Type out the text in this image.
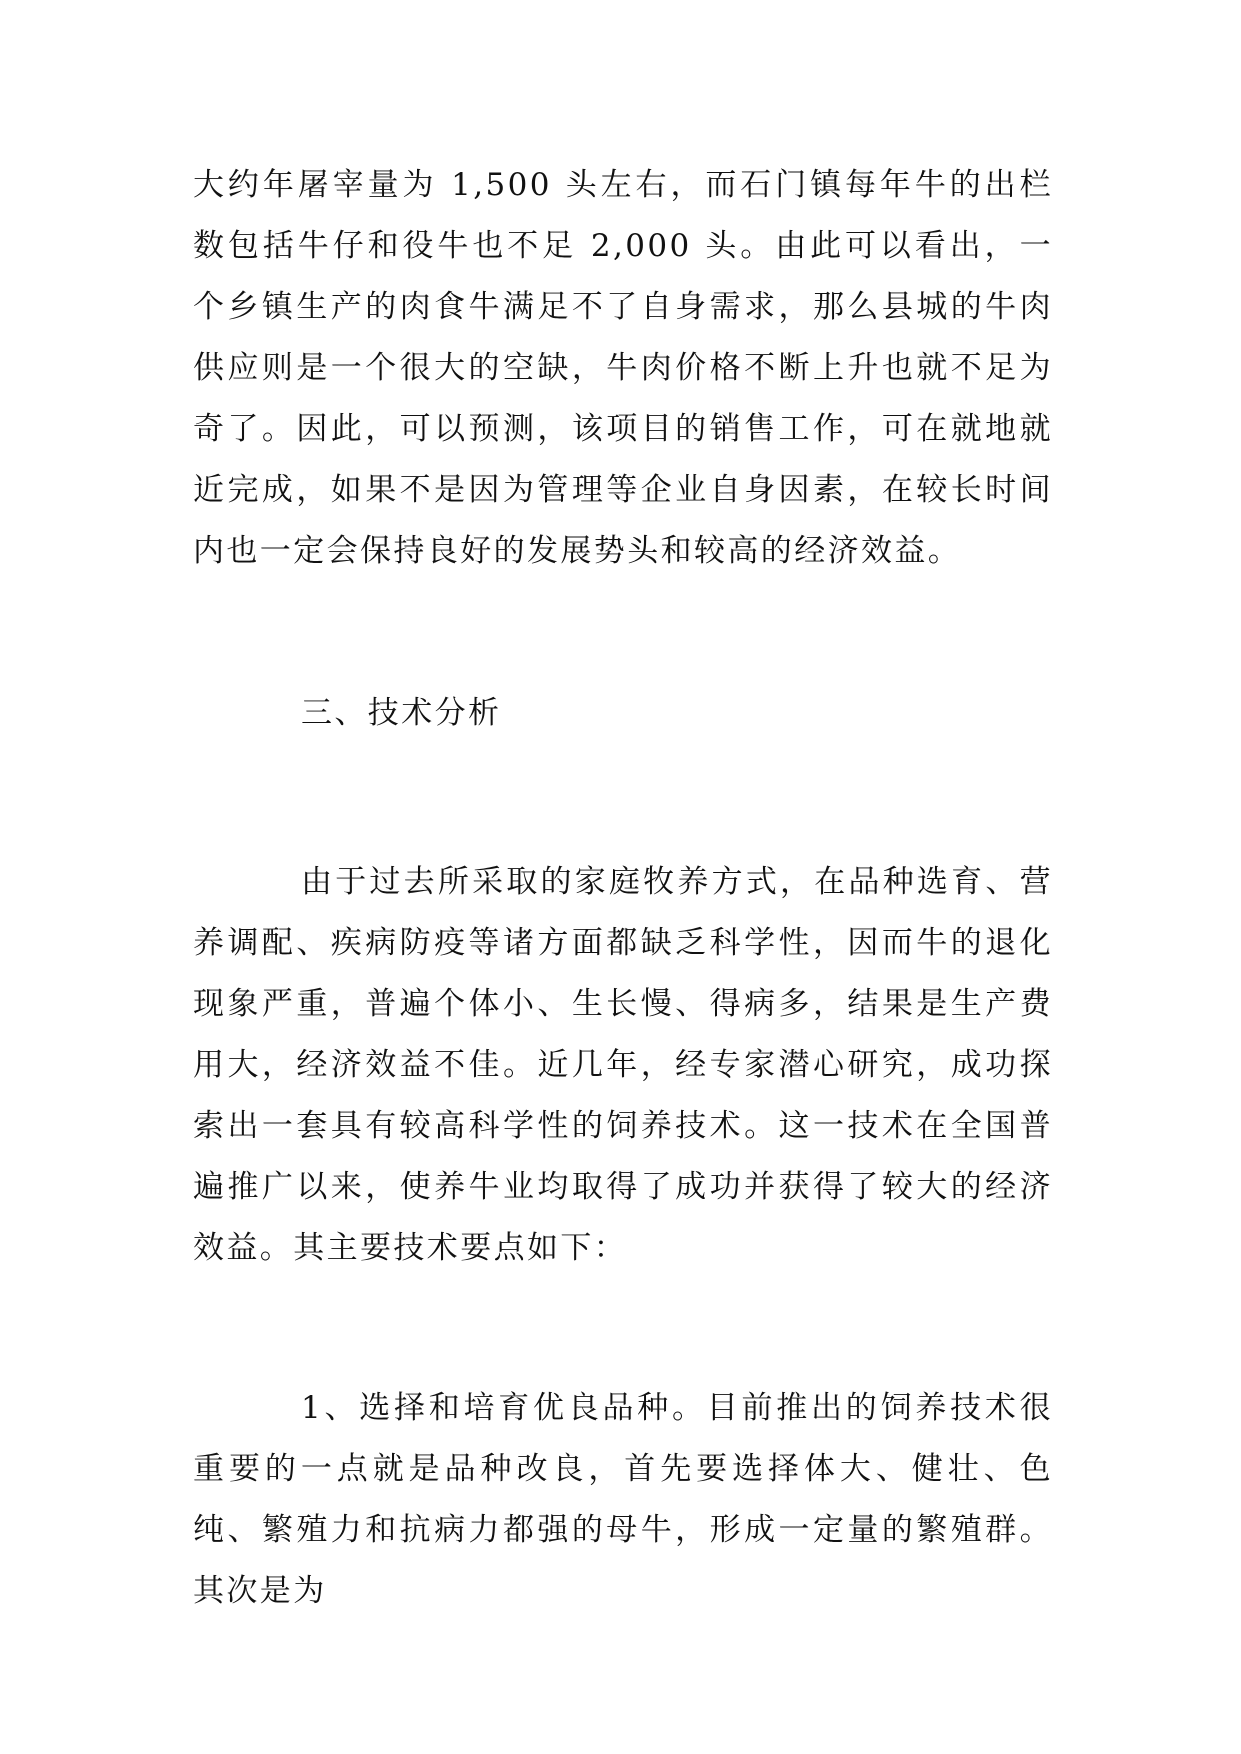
大约年屠宰量为 1,500 头左右，而石门镇每年牛的出栏数包括牛仔和役牛也不足 2,000 头。由此可以看出，一个乡镇生产的肉食牛满足不了自身需求，那么县城的牛肉供应则是一个很大的空缺，牛肉价格不断上升也就不足为奇了。因此，可以预测，该项目的销售工作，可在就地就近完成，如果不是因为管理等企业自身因素，在较长时间内也一定会保持良好的发展势头和较高的经济效益。

三、技术分析

由于过去所采取的家庭牧养方式，在品种选育、营养调配、疾病防疫等诸方面都缺乏科学性，因而牛的退化现象严重，普遍个体小、生长慢、得病多，结果是生产费用大，经济效益不佳。近几年，经专家潜心研究，成功探索出一套具有较高科学性的饲养技术。这一技术在全国普遍推广以来，使养牛业均取得了成功并获得了较大的经济效益。其主要技术要点如下：

1、选择和培育优良品种。目前推出的饲养技术很重要的一点就是品种改良，首先要选择体大、健壮、色纯、繁殖力和抗病力都强的母牛，形成一定量的繁殖群。其次是为
